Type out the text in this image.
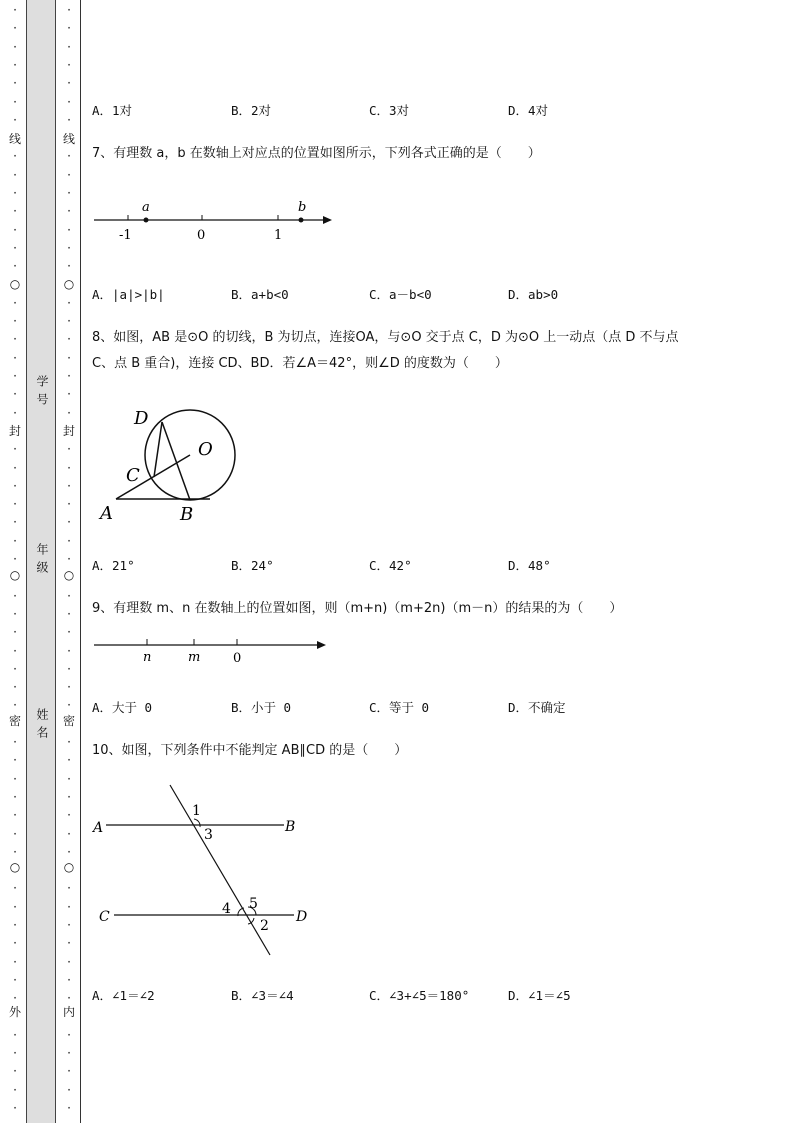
·
·
·
·
·
·
·
·
·
·
·
·
·
·
·
·
·
·
·
·
·
·
·
·
·
·
·
·
·
·
·
·
·
·
·
·
·
·
·
·
·
·
·
·
·
·
·
·
·
·
·
·
·
·
·
·
·
·
·
·
·
·
·
·
·
·
·
·
·
·
·
·
·
·
·
·
·
·
·
·
·
·
·
·
·
·
·
·
·
·
·
·
·
·
·
·
·
·
·
·
·
·
·
·
·
·
·
·
线
○
封
○
密
○
外
线
○
封
○
密
○
内
学号
年级
姓名
A．1对	B．2对	C．3对	D．4对
7、有理数 a，b 在数轴上对应点的位置如图所示，下列各式正确的是（　　）
a	b
-1	0	1
A．|a|>|b|	B．a+b<0	C．a－b<0	D．ab>0
8、如图，AB 是⊙O 的切线，B 为切点，连接OA，与⊙O 交于点 C，D 为⊙O 上一动点（点 D 不与点
C、点 B 重合)，连接 CD、BD．若∠A＝42°，则∠D 的度数为（　　）
D
O
C
A	B
A．21°	B．24°	C．42°	D．48°
9、有理数 m、n 在数轴上的位置如图，则（m+n)（m+2n)（m－n）的结果的为（　　）
n	m	0
A．大于 0	B．小于 0	C．等于 0	D．不确定
10、如图，下列条件中不能判定 AB∥CD 的是（　　）
A	B
C	D
1
3
4 5
2
A．∠1＝∠2	B．∠3＝∠4	C．∠3+∠5＝180°	D．∠1＝∠5
